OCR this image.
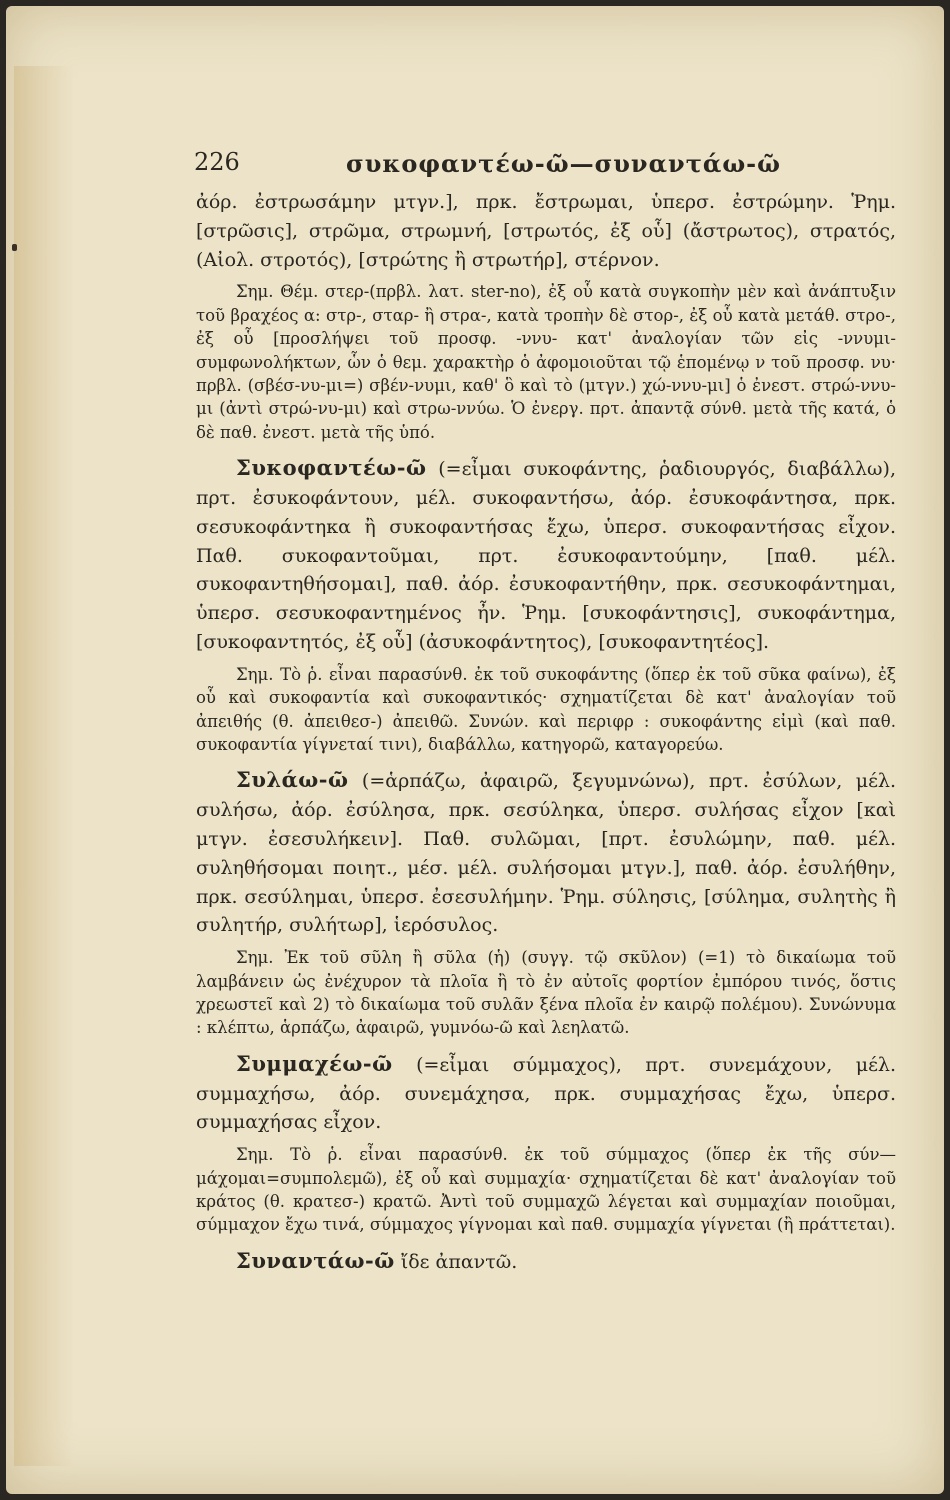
226	συκοφαντέω-ῶ—συναντάω-ῶ

ἀόρ. ἐστρωσάμην μτγν.], πρκ. ἔστρωμαι, ὑπερσ. ἐστρώμην. Ῥημ. [στρῶσις], στρῶμα, στρωμνή, [στρωτός, ἐξ οὗ] (ἄστρωτος), στρατός, (Αἰολ. στροτός), [στρώτης ἢ στρωτήρ], στέρνον.

Σημ. Θέμ. στερ-(πρβλ. λατ. ster-no), ἐξ οὗ κατὰ συγκοπὴν μὲν καὶ ἀνάπτυξιν τοῦ βραχέος α: στρ-, σταρ- ἢ στρα-, κατὰ τροπὴν δὲ στορ-, ἐξ οὗ κατὰ μετάθ. στρο-, ἐξ οὗ [προσλήψει τοῦ προσφ. -ννυ- κατ' ἀναλογίαν τῶν εἰς -ννυμι- συμφωνολήκτων, ὧν ὁ θεμ. χαρακτὴρ ὁ ἀφομοιοῦται τῷ ἑπομένῳ ν τοῦ προσφ. νυ· πρβλ. (σβέσ-νυ-μι=) σβέν-νυμι, καθ' ὃ καὶ τὸ (μτγν.) χώ-ννυ-μι] ὁ ἐνεστ. στρώ-ννυ-μι (ἀντὶ στρώ-νυ-μι) καὶ στρω-ννύω. Ὁ ἐνεργ. πρτ. ἀπαντᾷ σύνθ. μετὰ τῆς κατά, ὁ δὲ παθ. ἐνεστ. μετὰ τῆς ὑπό.

Συκοφαντέω-ῶ (=εἶμαι συκοφάντης, ῥαδιουργός, διαβάλλω), πρτ. ἐσυκοφάντουν, μέλ. συκοφαντήσω, ἀόρ. ἐσυκοφάντησα, πρκ. σεσυκοφάντηκα ἢ συκοφαντήσας ἔχω, ὑπερσ. συκοφαντήσας εἶχον. Παθ. συκοφαντοῦμαι, πρτ. ἐσυκοφαντούμην, [παθ. μέλ. συκοφαντηθήσομαι], παθ. ἀόρ. ἐσυκοφαντήθην, πρκ. σεσυκοφάντημαι, ὑπερσ. σεσυκοφαντημένος ἦν. Ῥημ. [συκοφάντησις], συκοφάντημα, [συκοφαντητός, ἐξ οὗ] (ἀσυκοφάντητος), [συκοφαντητέος].

Σημ. Τὸ ῥ. εἶναι παρασύνθ. ἐκ τοῦ συκοφάντης (ὅπερ ἐκ τοῦ σῦκα φαίνω), ἐξ οὗ καὶ συκοφαντία καὶ συκοφαντικός· σχηματίζεται δὲ κατ' ἀναλογίαν τοῦ ἀπειθής (θ. ἀπειθεσ-) ἀπειθῶ. Συνών. καὶ περιφρ : συκοφάντης εἰμὶ (καὶ παθ. συκοφαντία γίγνεταί τινι), διαβάλλω, κατηγορῶ, καταγορεύω.

Συλάω-ῶ (=ἁρπάζω, ἀφαιρῶ, ξεγυμνώνω), πρτ. ἐσύλων, μέλ. συλήσω, ἀόρ. ἐσύλησα, πρκ. σεσύληκα, ὑπερσ. συλήσας εἶχον [καὶ μτγν. ἐσεσυλήκειν]. Παθ. συλῶμαι, [πρτ. ἐσυλώμην, παθ. μέλ. συληθήσομαι ποιητ., μέσ. μέλ. συλήσομαι μτγν.], παθ. ἀόρ. ἐσυλήθην, πρκ. σεσύλημαι, ὑπερσ. ἐσεσυλήμην. Ῥημ. σύλησις, [σύλημα, συλητὴς ἢ συλητήρ, συλήτωρ], ἱερόσυλος.

Σημ. Ἐκ τοῦ σῦλη ἢ σῦλα (ἡ) (συγγ. τῷ σκῦλον) (=1) τὸ δικαίωμα τοῦ λαμβάνειν ὡς ἐνέχυρον τὰ πλοῖα ἢ τὸ ἐν αὐτοῖς φορτίον ἐμπόρου τινός, ὅστις χρεωστεῖ καὶ 2) τὸ δικαίωμα τοῦ συλᾶν ξένα πλοῖα ἐν καιρῷ πολέμου). Συνώνυμα : κλέπτω, ἁρπάζω, ἀφαιρῶ, γυμνόω-ῶ καὶ λεηλατῶ.

Συμμαχέω-ῶ (=εἶμαι σύμμαχος), πρτ. συνεμάχουν, μέλ. συμμαχήσω, ἀόρ. συνεμάχησα, πρκ. συμμαχήσας ἔχω, ὑπερσ. συμμαχήσας εἶχον.

Σημ. Τὸ ῥ. εἶναι παρασύνθ. ἐκ τοῦ σύμμαχος (ὅπερ ἐκ τῆς σύν—μάχομαι=συμπολεμῶ), ἐξ οὗ καὶ συμμαχία· σχηματίζεται δὲ κατ' ἀναλογίαν τοῦ κράτος (θ. κρατεσ-) κρατῶ. Ἀντὶ τοῦ συμμαχῶ λέγεται καὶ συμμαχίαν ποιοῦμαι, σύμμαχον ἔχω τινά, σύμμαχος γίγνομαι καὶ παθ. συμμαχία γίγνεται (ἢ πράττεται).

Συναντάω-ῶ ἴδε ἀπαντῶ.
